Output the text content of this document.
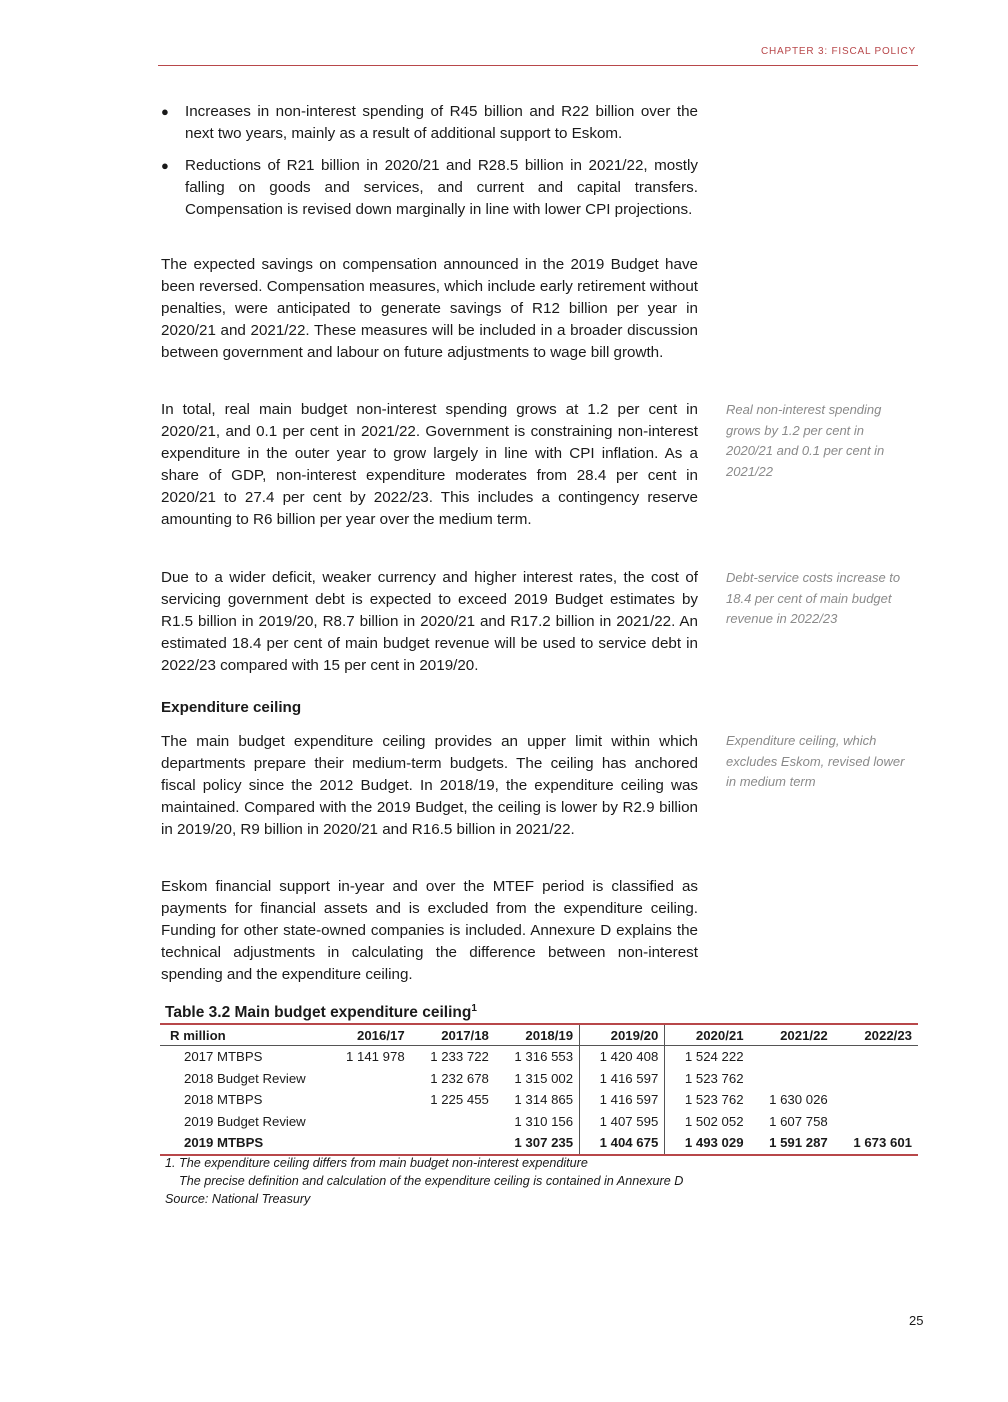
CHAPTER 3: FISCAL POLICY
● Increases in non-interest spending of R45 billion and R22 billion over the next two years, mainly as a result of additional support to Eskom.
● Reductions of R21 billion in 2020/21 and R28.5 billion in 2021/22, mostly falling on goods and services, and current and capital transfers. Compensation is revised down marginally in line with lower CPI projections.
The expected savings on compensation announced in the 2019 Budget have been reversed. Compensation measures, which include early retirement without penalties, were anticipated to generate savings of R12 billion per year in 2020/21 and 2021/22. These measures will be included in a broader discussion between government and labour on future adjustments to wage bill growth.
In total, real main budget non-interest spending grows at 1.2 per cent in 2020/21, and 0.1 per cent in 2021/22. Government is constraining non-interest expenditure in the outer year to grow largely in line with CPI inflation. As a share of GDP, non-interest expenditure moderates from 28.4 per cent in 2020/21 to 27.4 per cent by 2022/23. This includes a contingency reserve amounting to R6 billion per year over the medium term.
Due to a wider deficit, weaker currency and higher interest rates, the cost of servicing government debt is expected to exceed 2019 Budget estimates by R1.5 billion in 2019/20, R8.7 billion in 2020/21 and R17.2 billion in 2021/22. An estimated 18.4 per cent of main budget revenue will be used to service debt in 2022/23 compared with 15 per cent in 2019/20.
Expenditure ceiling
The main budget expenditure ceiling provides an upper limit within which departments prepare their medium-term budgets. The ceiling has anchored fiscal policy since the 2012 Budget. In 2018/19, the expenditure ceiling was maintained. Compared with the 2019 Budget, the ceiling is lower by R2.9 billion in 2019/20, R9 billion in 2020/21 and R16.5 billion in 2021/22.
Eskom financial support in-year and over the MTEF period is classified as payments for financial assets and is excluded from the expenditure ceiling. Funding for other state-owned companies is included. Annexure D explains the technical adjustments in calculating the difference between non-interest spending and the expenditure ceiling.
Real non-interest spending grows by 1.2 per cent in 2020/21 and 0.1 per cent in 2021/22
Debt-service costs increase to 18.4 per cent of main budget revenue in 2022/23
Expenditure ceiling, which excludes Eskom, revised lower in medium term
Table 3.2 Main budget expenditure ceiling$^1$
R million	2016/17	2017/18	2018/19	2019/20	2020/21	2021/22	2022/23
2017 MTBPS	1 141 978	1 233 722	1 316 553	1 420 408	1 524 222		
2018 Budget Review		1 232 678	1 315 002	1 416 597	1 523 762		
2018 MTBPS		1 225 455	1 314 865	1 416 597	1 523 762	1 630 026	
2019 Budget Review			1 310 156	1 407 595	1 502 052	1 607 758	
2019 MTBPS			1 307 235	1 404 675	1 493 029	1 591 287	1 673 601
1. The expenditure ceiling differs from main budget non-interest expenditure
The precise definition and calculation of the expenditure ceiling is contained in Annexure D
Source: National Treasury
25
